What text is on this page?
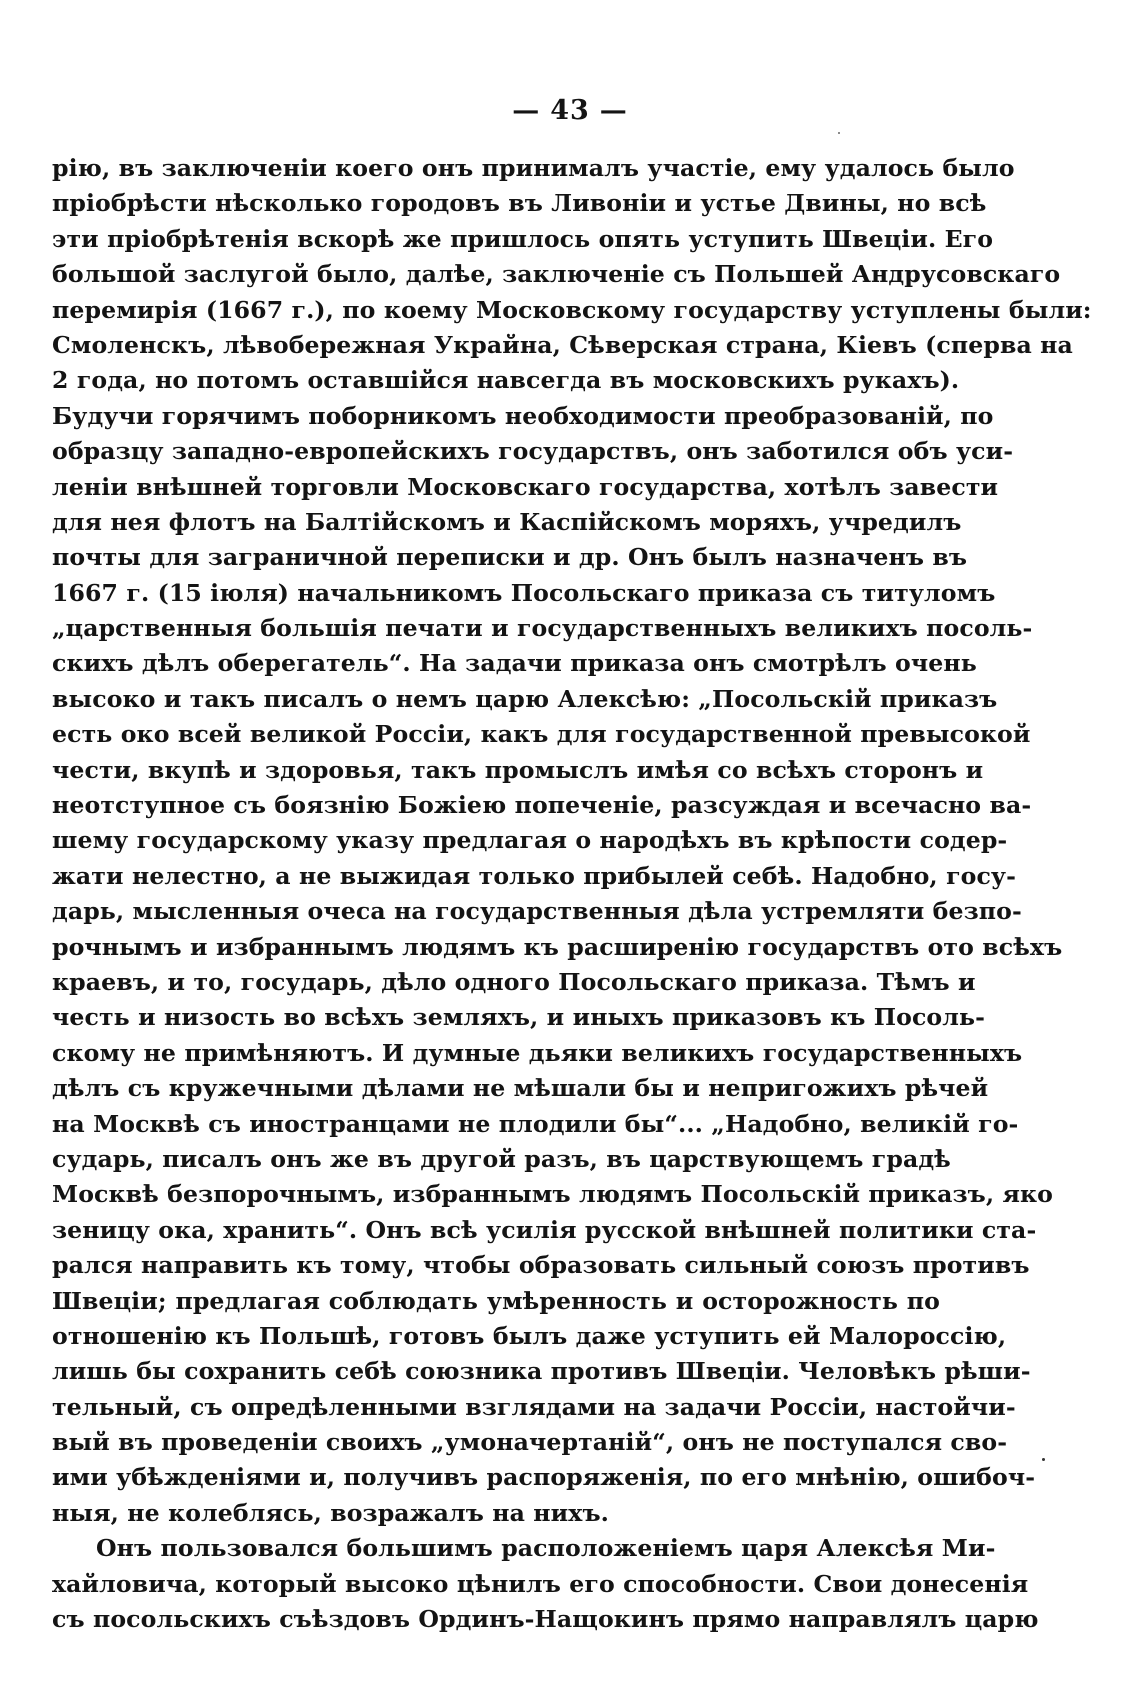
— 43 —
рію, въ заключеніи коего онъ принималъ участіе, ему удалось было
пріобрѣсти нѣсколько городовъ въ Ливоніи и устье Двины, но всѣ
эти пріобрѣтенія вскорѣ же пришлось опять уступить Швеціи. Его
большой заслугой было, далѣе, заключеніе съ Польшей Андрусовскаго
перемирія (1667 г.), по коему Московскому государству уступлены были:
Смоленскъ, лѣвобережная Украйна, Сѣверская страна, Кіевъ (сперва на
2 года, но потомъ оставшійся навсегда въ московскихъ рукахъ).
Будучи горячимъ поборникомъ необходимости преобразованій, по
образцу западно-европейскихъ государствъ, онъ заботился объ уси-
леніи внѣшней торговли Московскаго государства, хотѣлъ завести
для нея флотъ на Балтійскомъ и Каспійскомъ моряхъ, учредилъ
почты для заграничной переписки и др. Онъ былъ назначенъ въ
1667 г. (15 іюля) начальникомъ Посольскаго приказа съ титуломъ
„царственныя большія печати и государственныхъ великихъ посоль-
скихъ дѣлъ оберегатель“. На задачи приказа онъ смотрѣлъ очень
высоко и такъ писалъ о немъ царю Алексѣю: „Посольскій приказъ
есть око всей великой Россіи, какъ для государственной превысокой
чести, вкупѣ и здоровья, такъ промыслъ имѣя со всѣхъ сторонъ и
неотступное съ боязнію Божіею попеченіе, разсуждая и всечасно ва-
шему государскому указу предлагая о народѣхъ въ крѣпости содер-
жати нелестно, а не выжидая только прибылей себѣ. Надобно, госу-
дарь, мысленныя очеса на государственныя дѣла устремляти безпо-
рочнымъ и избраннымъ людямъ къ расширенію государствъ ото всѣхъ
краевъ, и то, государь, дѣло одного Посольскаго приказа. Тѣмъ и
честь и низость во всѣхъ земляхъ, и иныхъ приказовъ къ Посоль-
скому не примѣняютъ. И думные дьяки великихъ государственныхъ
дѣлъ съ кружечными дѣлами не мѣшали бы и непригожихъ рѣчей
на Москвѣ съ иностранцами не плодили бы“... „Надобно, великій го-
сударь, писалъ онъ же въ другой разъ, въ царствующемъ градѣ
Москвѣ безпорочнымъ, избраннымъ людямъ Посольскій приказъ, яко
зеницу ока, хранить“. Онъ всѣ усилія русской внѣшней политики ста-
рался направить къ тому, чтобы образовать сильный союзъ противъ
Швеціи; предлагая соблюдать умѣренность и осторожность по
отношенію къ Польшѣ, готовъ былъ даже уступить ей Малороссію,
лишь бы сохранить себѣ союзника противъ Швеціи. Человѣкъ рѣши-
тельный, съ опредѣленными взглядами на задачи Россіи, настойчи-
вый въ проведеніи своихъ „умоначертаній“, онъ не поступался сво-
ими убѣжденіями и, получивъ распоряженія, по его мнѣнію, ошибоч-
ныя, не колеблясь, возражалъ на нихъ.
Онъ пользовался большимъ расположеніемъ царя Алексѣя Ми-
хайловича, который высоко цѣнилъ его способности. Свои донесенія
съ посольскихъ съѣздовъ Ординъ-Нащокинъ прямо направлялъ царю
